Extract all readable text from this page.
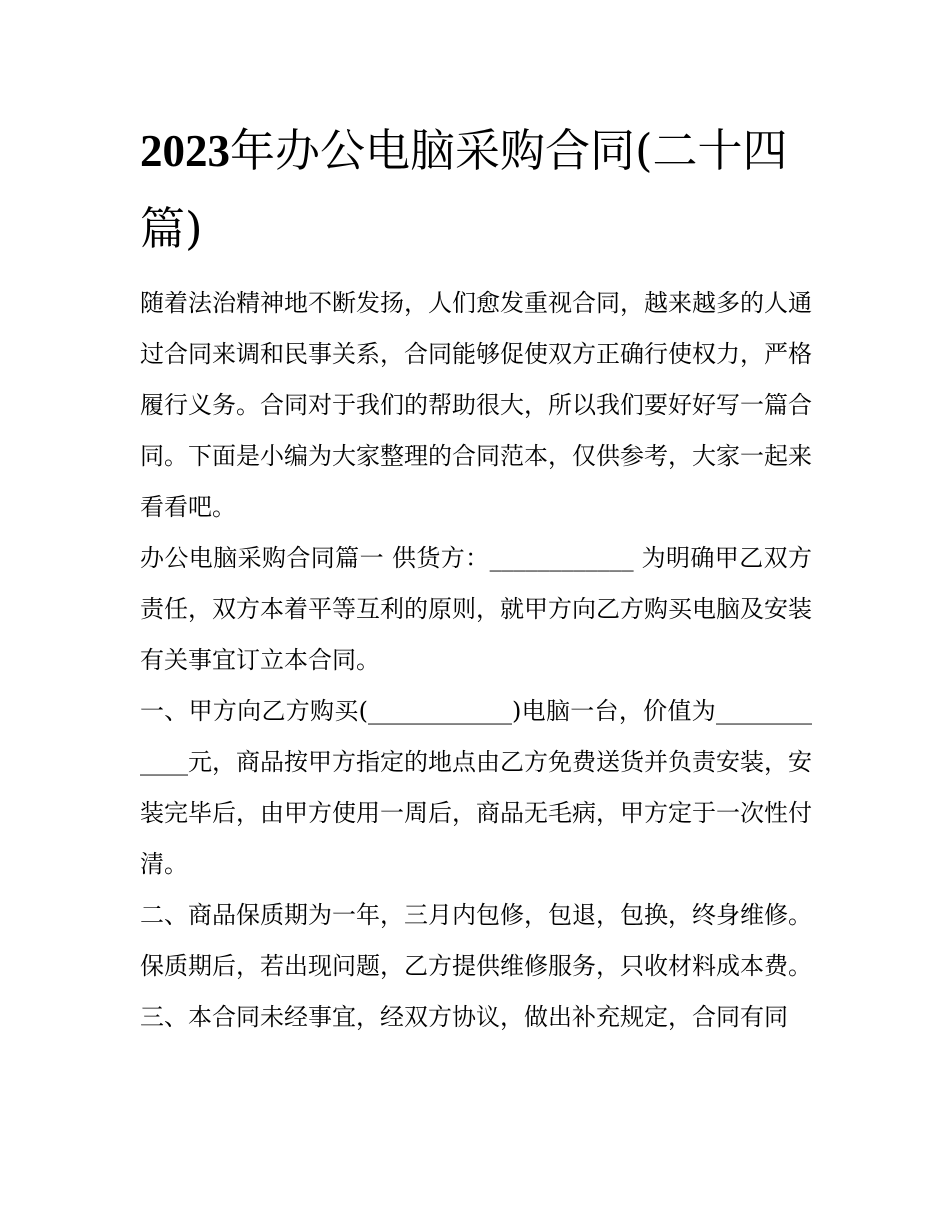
2023年办公电脑采购合同(二十四篇)

随着法治精神地不断发扬，人们愈发重视合同，越来越多的人通过合同来调和民事关系，合同能够促使双方正确行使权力，严格履行义务。合同对于我们的帮助很大，所以我们要好好写一篇合同。下面是小编为大家整理的合同范本，仅供参考，大家一起来看看吧。

办公电脑采购合同篇一 供货方：____________ 为明确甲乙双方责任，双方本着平等互利的原则，就甲方向乙方购买电脑及安装有关事宜订立本合同。

一、甲方向乙方购买(____________)电脑一台，价值为____________元，商品按甲方指定的地点由乙方免费送货并负责安装，安装完毕后，由甲方使用一周后，商品无毛病，甲方定于一次性付清。

二、商品保质期为一年，三月内包修，包退，包换，终身维修。保质期后，若出现问题，乙方提供维修服务，只收材料成本费。

三、本合同未经事宜，经双方协议，做出补充规定，合同有同
